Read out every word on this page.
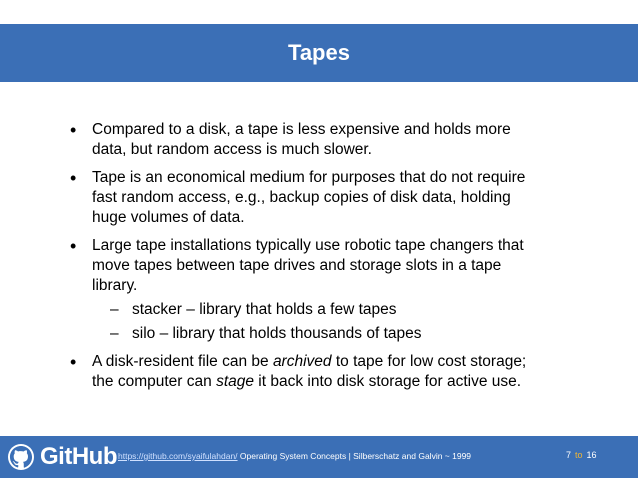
Tapes
• Compared to a disk, a tape is less expensive and holds more data, but random access is much slower.
• Tape is an economical medium for purposes that do not require fast random access, e.g., backup copies of disk data, holding huge volumes of data.
• Large tape installations typically use robotic tape changers that move tapes between tape drives and storage slots in a tape library.
– stacker – library that holds a few tapes
– silo – library that holds thousands of tapes
• A disk-resident file can be archived to tape for low cost storage; the computer can stage it back into disk storage for active use.
GitHub https://github.com/syaifulahdan/ Operating System Concepts | Silberschatz and Galvin ~ 1999	7 to 16
